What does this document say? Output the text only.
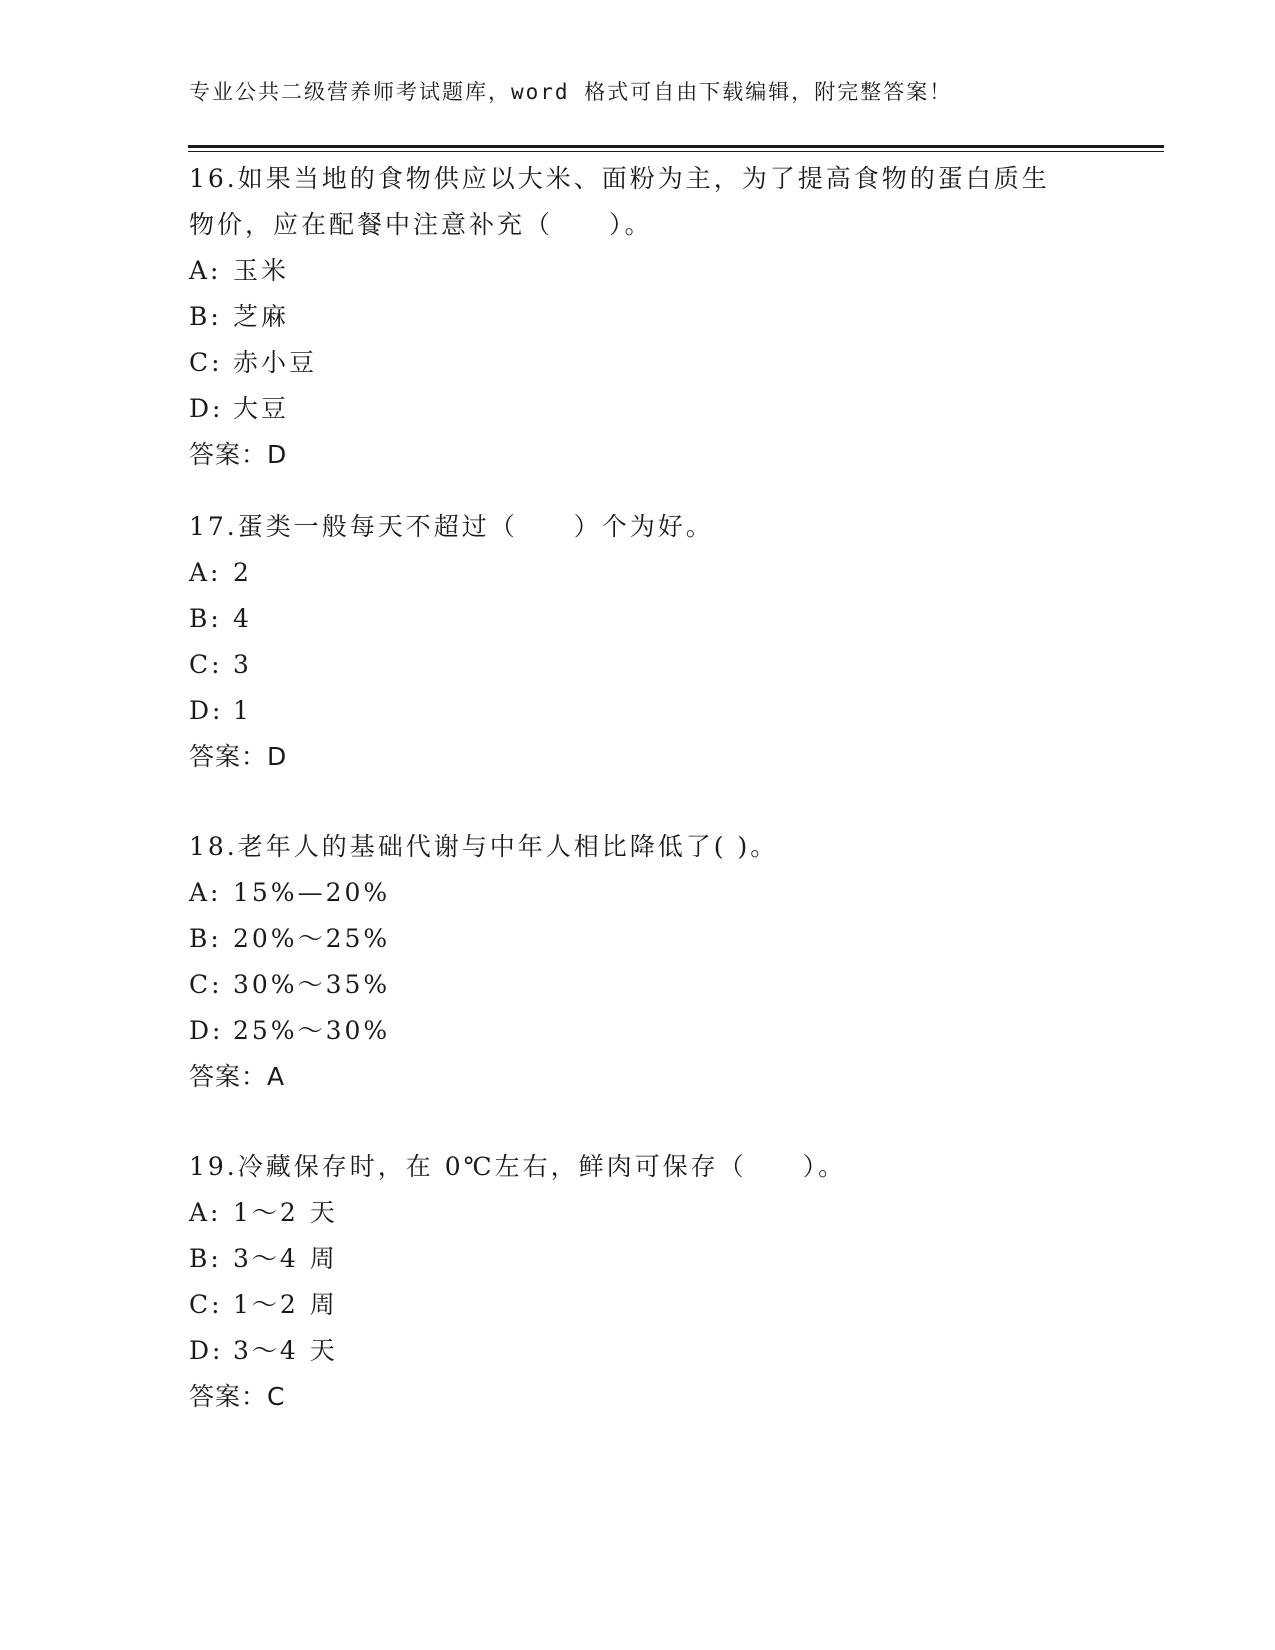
专业公共二级营养师考试题库，word 格式可自由下载编辑，附完整答案！
16.如果当地的食物供应以大米、面粉为主，为了提高食物的蛋白质生
物价，应在配餐中注意补充（　　）。
A: 玉米
B: 芝麻
C: 赤小豆
D: 大豆
答案：D
17.蛋类一般每天不超过（　　）个为好。
A: 2
B: 4
C: 3
D: 1
答案：D
18.老年人的基础代谢与中年人相比降低了( )。
A: 15%—20%
B: 20%～25%
C: 30%～35%
D: 25%～30%
答案：A
19.冷藏保存时，在 0℃左右，鲜肉可保存（　　）。
A: 1～2 天
B: 3～4 周
C: 1～2 周
D: 3～4 天
答案：C
